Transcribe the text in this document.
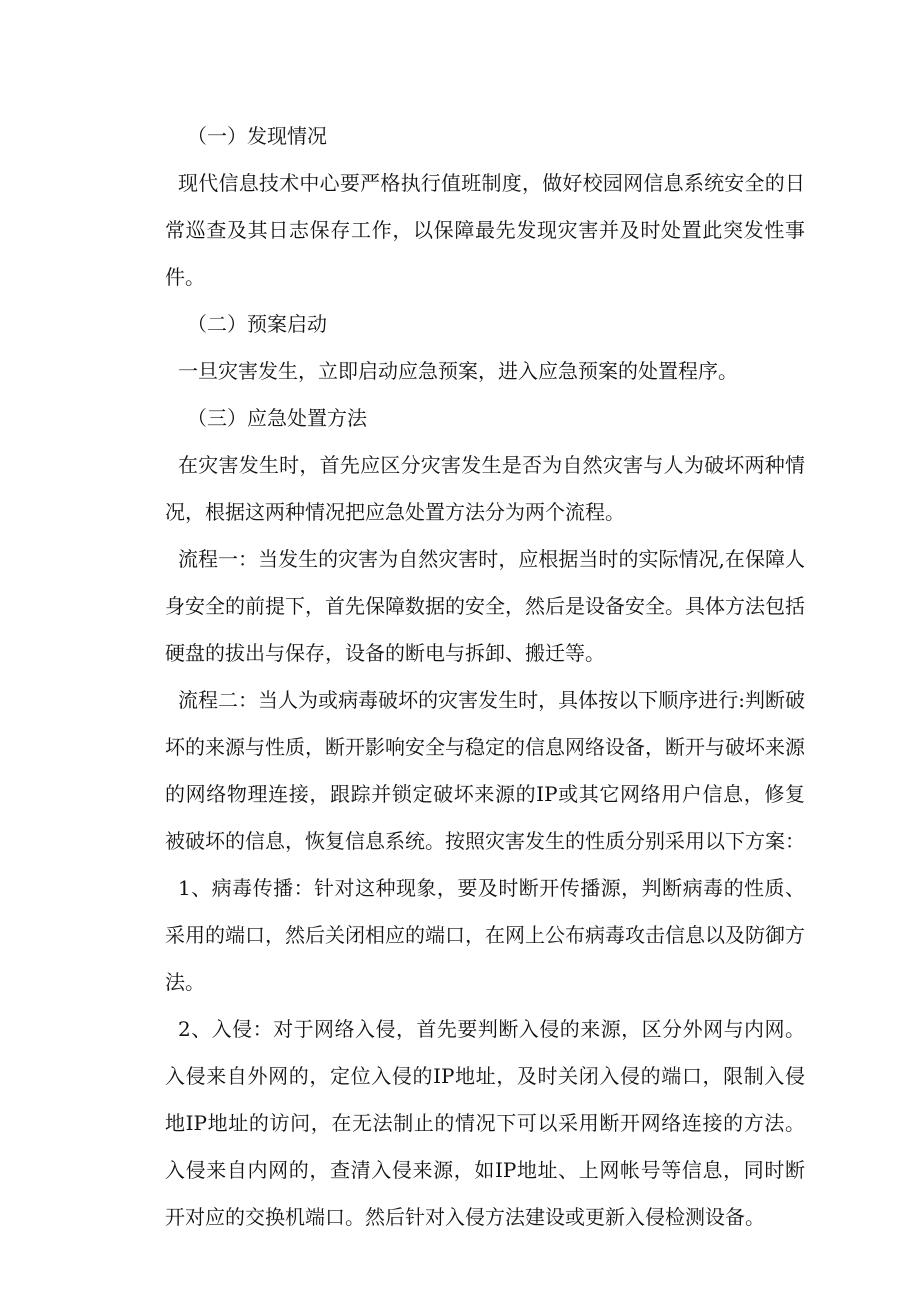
（一）发现情况

现代信息技术中心要严格执行值班制度，做好校园网信息系统安全的日常巡查及其日志保存工作，以保障最先发现灾害并及时处置此突发性事件。

（二）预案启动

一旦灾害发生，立即启动应急预案，进入应急预案的处置程序。

（三）应急处置方法

在灾害发生时，首先应区分灾害发生是否为自然灾害与人为破坏两种情况，根据这两种情况把应急处置方法分为两个流程。

流程一：当发生的灾害为自然灾害时，应根据当时的实际情况,在保障人身安全的前提下，首先保障数据的安全，然后是设备安全。具体方法包括硬盘的拔出与保存，设备的断电与拆卸、搬迁等。

流程二：当人为或病毒破坏的灾害发生时，具体按以下顺序进行:判断破坏的来源与性质，断开影响安全与稳定的信息网络设备，断开与破坏来源的网络物理连接，跟踪并锁定破坏来源的IP或其它网络用户信息，修复被破坏的信息，恢复信息系统。按照灾害发生的性质分别采用以下方案：

1、病毒传播：针对这种现象，要及时断开传播源，判断病毒的性质、采用的端口，然后关闭相应的端口，在网上公布病毒攻击信息以及防御方法。

2、入侵：对于网络入侵，首先要判断入侵的来源，区分外网与内网。入侵来自外网的，定位入侵的IP地址，及时关闭入侵的端口，限制入侵地IP地址的访问，在无法制止的情况下可以采用断开网络连接的方法。入侵来自内网的，查清入侵来源，如IP地址、上网帐号等信息，同时断开对应的交换机端口。然后针对入侵方法建设或更新入侵检测设备。
